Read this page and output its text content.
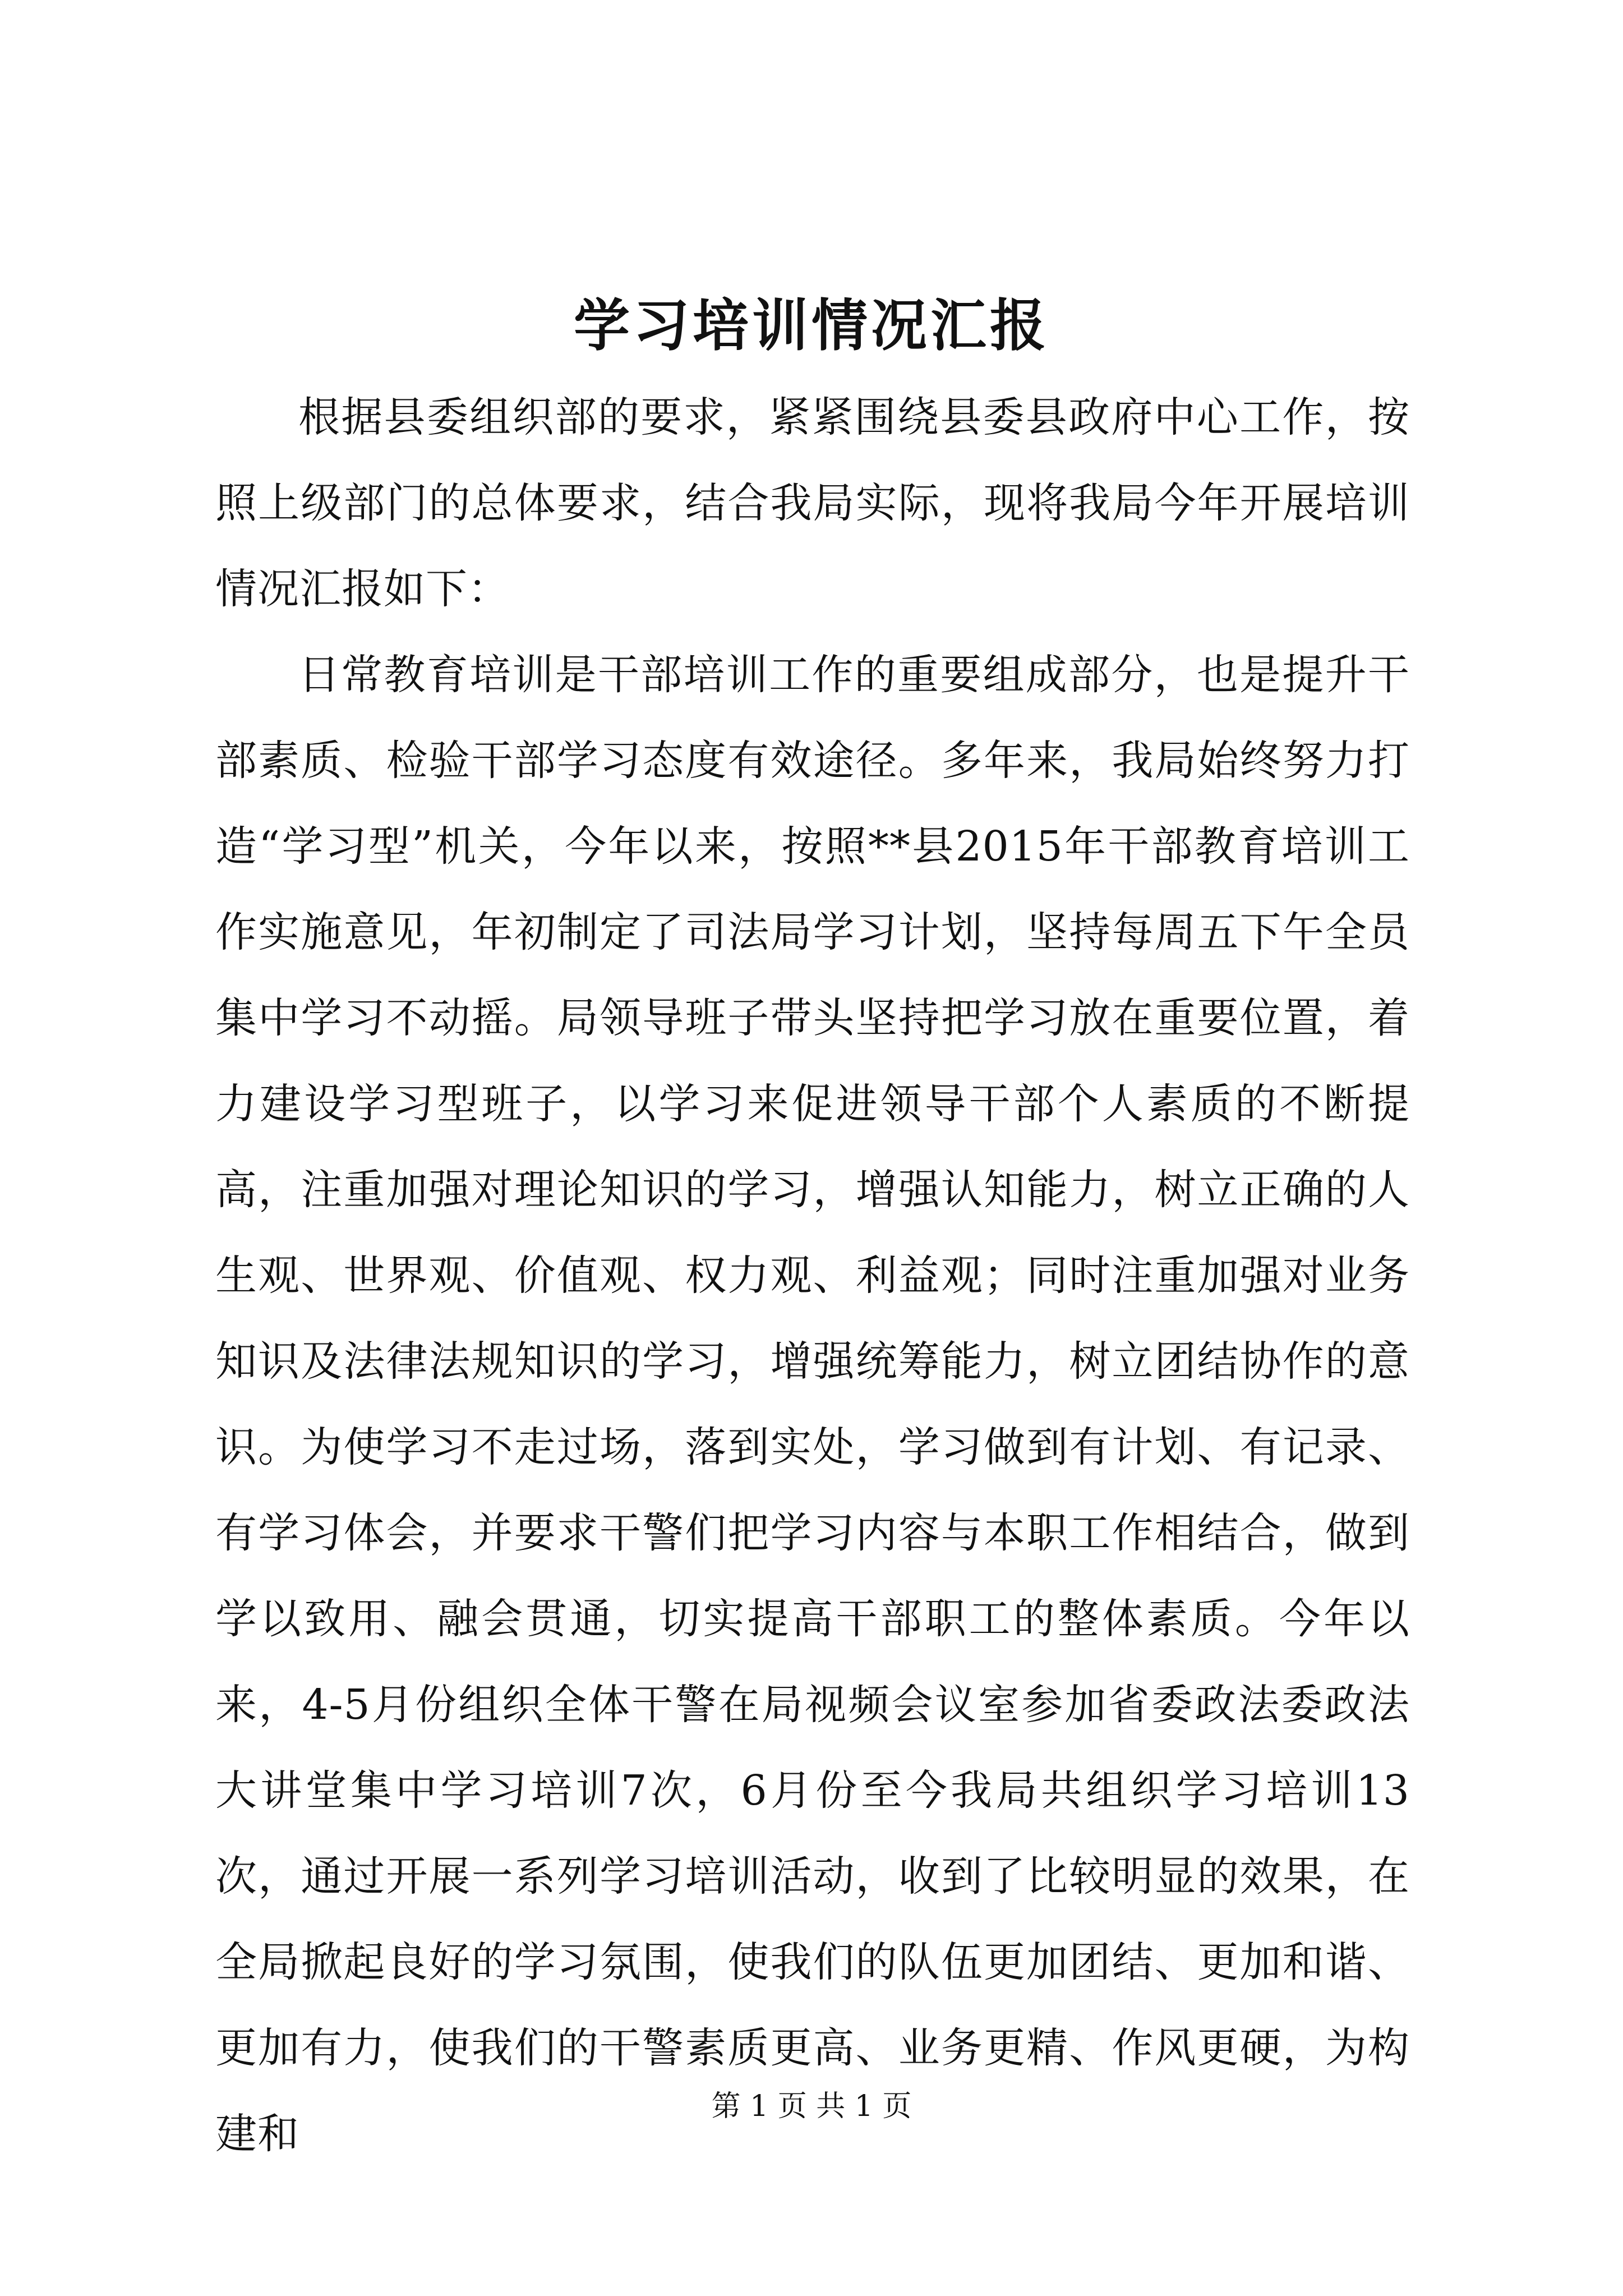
学习培训情况汇报

根据县委组织部的要求，紧紧围绕县委县政府中心工作，按照上级部门的总体要求，结合我局实际，现将我局今年开展培训情况汇报如下：

日常教育培训是干部培训工作的重要组成部分，也是提升干部素质、检验干部学习态度有效途径。多年来，我局始终努力打造“学习型”机关，今年以来，按照**县2015年干部教育培训工作实施意见，年初制定了司法局学习计划，坚持每周五下午全员集中学习不动摇。局领导班子带头坚持把学习放在重要位置，着力建设学习型班子，以学习来促进领导干部个人素质的不断提高，注重加强对理论知识的学习，增强认知能力，树立正确的人生观、世界观、价值观、权力观、利益观；同时注重加强对业务知识及法律法规知识的学习，增强统筹能力，树立团结协作的意识。为使学习不走过场，落到实处，学习做到有计划、有记录、有学习体会，并要求干警们把学习内容与本职工作相结合，做到学以致用、融会贯通，切实提高干部职工的整体素质。今年以来，4-5月份组织全体干警在局视频会议室参加省委政法委政法大讲堂集中学习培训7次，6月份至今我局共组织学习培训13次，通过开展一系列学习培训活动，收到了比较明显的效果，在全局掀起良好的学习氛围，使我们的队伍更加团结、更加和谐、更加有力，使我们的干警素质更高、业务更精、作风更硬，为构建和

第 1 页 共 1 页
